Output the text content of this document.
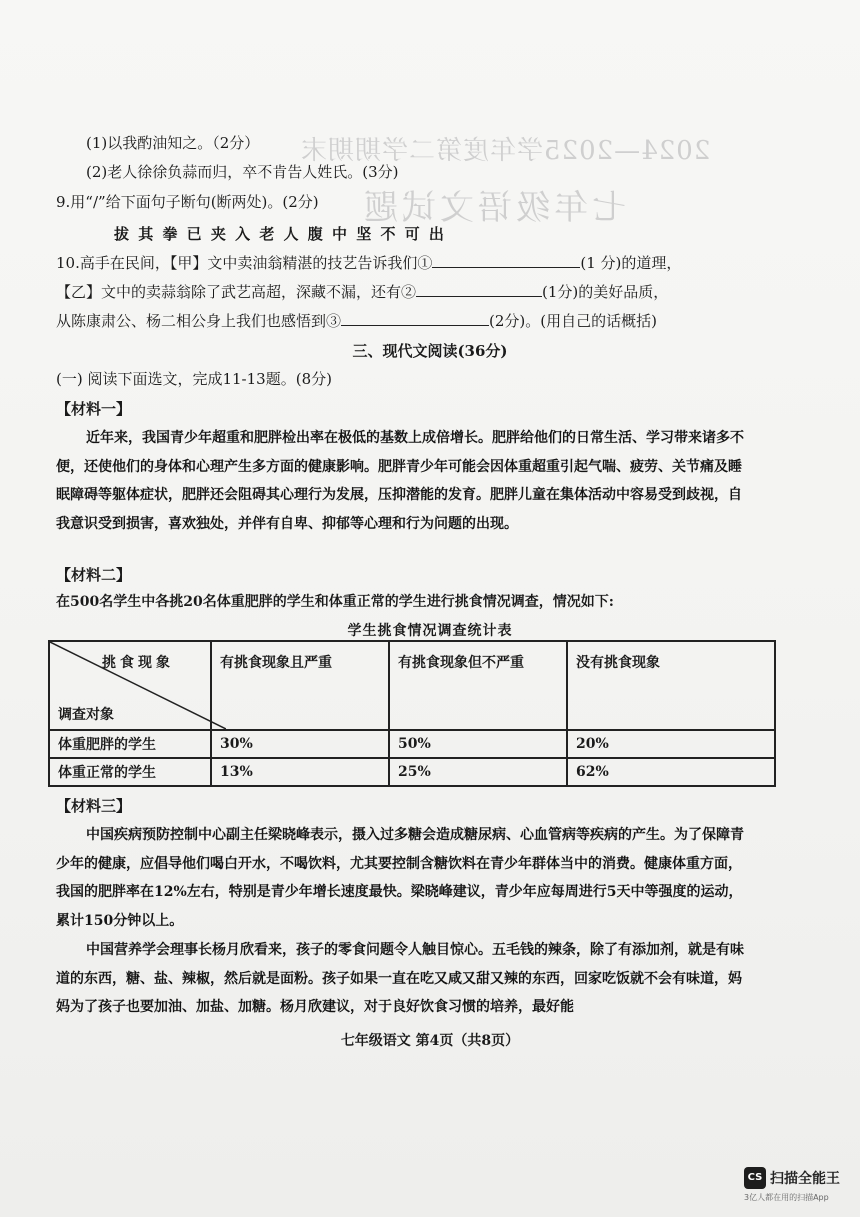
2024—2025学年度第二学期期末
七年级语文试题
(1)以我酌油知之。（2分）
(2)老人徐徐负蒜而归，卒不肯告人姓氏。(3分)
9.用“/”给下面句子断句(断两处)。(2分)
拔 其 拳 已 夹 入 老 人 腹 中 坚 不 可 出
10.高手在民间，【甲】文中卖油翁精湛的技艺告诉我们①	(1 分)的道理，
【乙】文中的卖蒜翁除了武艺高超，深藏不漏，还有②	(1分)的美好品质，
从陈康肃公、杨二相公身上我们也感悟到③	(2分)。(用自己的话概括)
三、现代文阅读(36分)
(一) 阅读下面选文，完成11-13题。(8分)
【材料一】
近年来，我国青少年超重和肥胖检出率在极低的基数上成倍增长。肥胖给他们的日常生活、学习带来诸多不便，还使他们的身体和心理产生多方面的健康影响。肥胖青少年可能会因体重超重引起气喘、疲劳、关节痛及睡眠障碍等躯体症状，肥胖还会阻碍其心理行为发展，压抑潜能的发育。肥胖儿童在集体活动中容易受到歧视，自我意识受到损害，喜欢独处，并伴有自卑、抑郁等心理和行为问题的出现。
【材料二】
在500名学生中各挑20名体重肥胖的学生和体重正常的学生进行挑食情况调查，情况如下:
学生挑食情况调查统计表
挑食现象
调查对象	有挑食现象且严重	有挑食现象但不严重	没有挑食现象
体重肥胖的学生	30%	50%	20%
体重正常的学生	13%	25%	62%
【材料三】
中国疾病预防控制中心副主任梁晓峰表示，摄入过多糖会造成糖尿病、心血管病等疾病的产生。为了保障青少年的健康，应倡导他们喝白开水，不喝饮料，尤其要控制含糖饮料在青少年群体当中的消费。健康体重方面，我国的肥胖率在12%左右，特别是青少年增长速度最快。梁晓峰建议，青少年应每周进行5天中等强度的运动，累计150分钟以上。
中国营养学会理事长杨月欣看来，孩子的零食问题令人触目惊心。五毛钱的辣条，除了有添加剂，就是有味道的东西，糖、盐、辣椒，然后就是面粉。孩子如果一直在吃又咸又甜又辣的东西，回家吃饭就不会有味道，妈妈为了孩子也要加油、加盐、加糖。杨月欣建议，对于良好饮食习惯的培养，最好能
七年级语文 第4页（共8页）
CS 扫描全能王
3亿人都在用的扫描App
